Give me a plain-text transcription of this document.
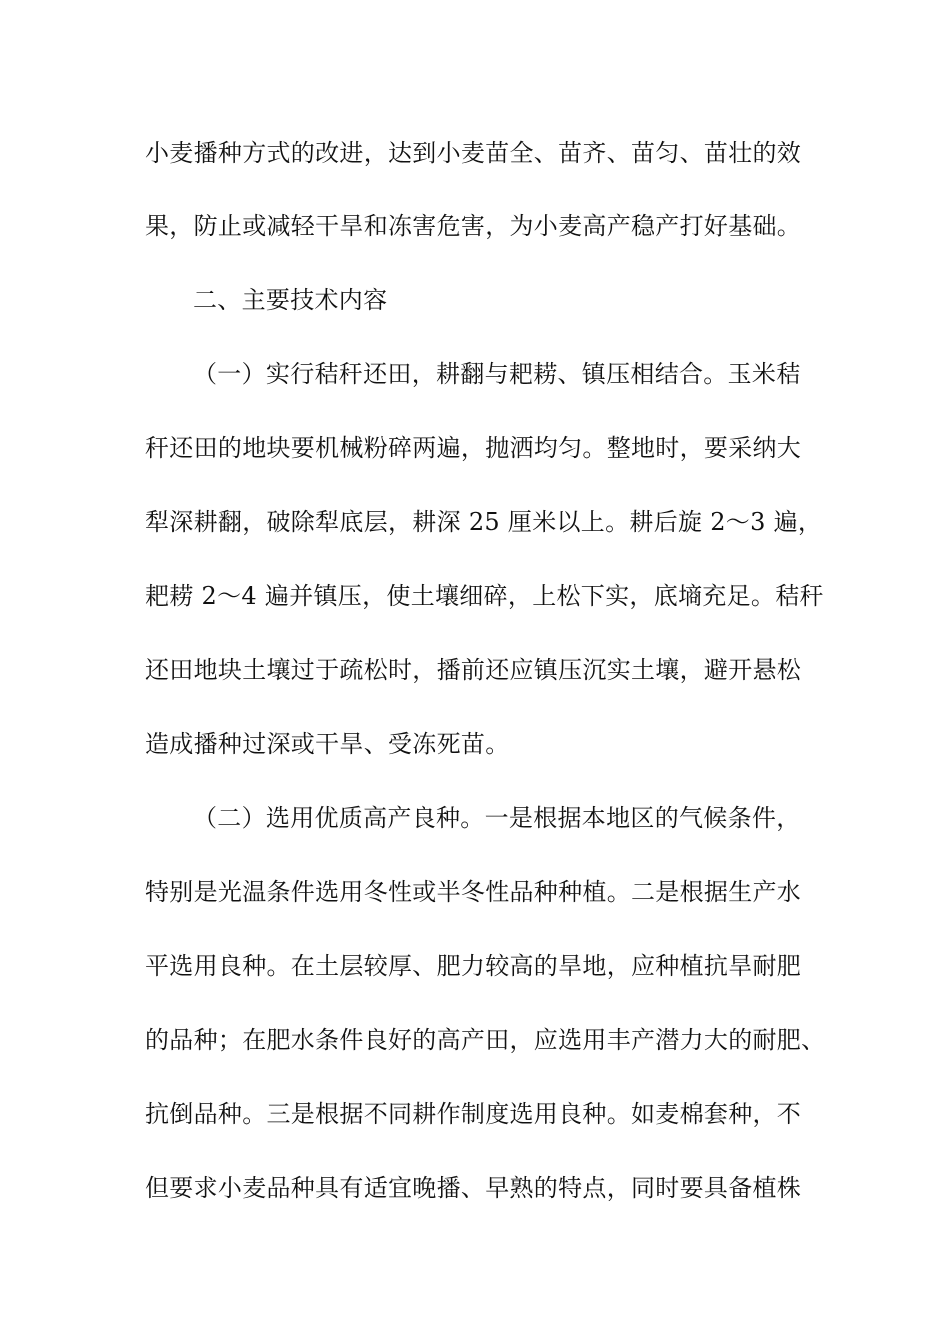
小麦播种方式的改进，达到小麦苗全、苗齐、苗匀、苗壮的效
果，防止或减轻干旱和冻害危害，为小麦高产稳产打好基础。
二、主要技术内容
（一）实行秸秆还田，耕翻与耙耢、镇压相结合。玉米秸
秆还田的地块要机械粉碎两遍，抛洒均匀。整地时，要采纳大
犁深耕翻，破除犁底层，耕深 25 厘米以上。耕后旋 2～3 遍，
耙耢 2～4 遍并镇压，使土壤细碎，上松下实，底墒充足。秸秆
还田地块土壤过于疏松时，播前还应镇压沉实土壤，避开悬松
造成播种过深或干旱、受冻死苗。
（二）选用优质高产良种。一是根据本地区的气候条件，
特别是光温条件选用冬性或半冬性品种种植。二是根据生产水
平选用良种。在土层较厚、肥力较高的旱地，应种植抗旱耐肥
的品种；在肥水条件良好的高产田，应选用丰产潜力大的耐肥、
抗倒品种。三是根据不同耕作制度选用良种。如麦棉套种，不
但要求小麦品种具有适宜晚播、早熟的特点，同时要具备植株
